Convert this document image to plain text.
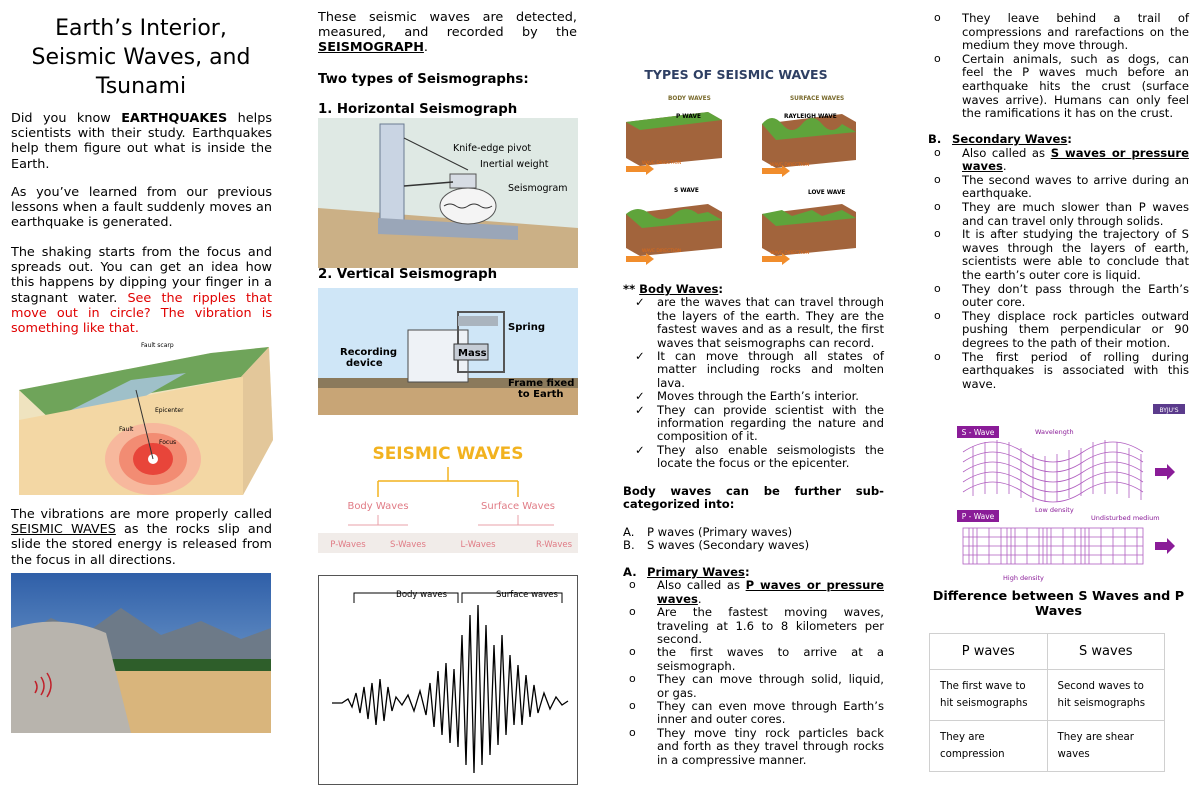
Earth’s Interior, Seismic Waves, and Tsunami

Did you know EARTHQUAKES helps scientists with their study. Earthquakes help them figure out what is inside the Earth.

As you’ve learned from our previous lessons when a fault suddenly moves an earthquake is generated.

The shaking starts from the focus and spreads out. You can get an idea how this happens by dipping your finger in a stagnant water. See the ripples that move out in circle? The vibration is something like that.

Fault scarp
Epicenter
Fault
Focus

The vibrations are more properly called SEISMIC WAVES as the rocks slip and slide the stored energy is released from the focus in all directions.

These seismic waves are detected, measured, and recorded by the SEISMOGRAPH.

Two types of Seismographs:
1. Horizontal Seismograph
Knife-edge pivot
Inertial weight
Seismogram
2. Vertical Seismograph
Spring
Mass
Recording
device
Frame fixed
to Earth
SEISMIC WAVES
Body Waves	Surface Waves
P-Waves	S-Waves	L-Waves	R-Waves
Body waves	Surface waves
TYPES OF SEISMIC WAVES
BODY WAVES	SURFACE WAVES
P WAVE	RAYLEIGH WAVE
WAVE DIRECTION	WAVE DIRECTION
S WAVE	LOVE WAVE
WAVE DIRECTION	WAVE DIRECTION
** Body Waves:
✓ are the waves that can travel through the layers of the earth. They are the fastest waves and as a result, the first waves that seismographs can record.
✓ It can move through all states of matter including rocks and molten lava.
✓ Moves through the Earth’s interior.
✓ They can provide scientist with the information regarding the nature and composition of it.
✓ They also enable seismologists the locate the focus or the epicenter.
Body waves can be further sub-categorized into:
A. P waves (Primary waves)
B. S waves (Secondary waves)
A. Primary Waves:
o Also called as P waves or pressure waves.
o Are the fastest moving waves, traveling at 1.6 to 8 kilometers per second.
o the first waves to arrive at a seismograph.
o They can move through solid, liquid, or gas.
o They can even move through Earth’s inner and outer cores.
o They move tiny rock particles back and forth as they travel through rocks in a compressive manner.
o They leave behind a trail of compressions and rarefactions on the medium they move through.
o Certain animals, such as dogs, can feel the P waves much before an earthquake hits the crust (surface waves arrive). Humans can only feel the ramifications it has on the crust.
B. Secondary Waves:
o Also called as S waves or pressure waves.
o The second waves to arrive during an earthquake.
o They are much slower than P waves and can travel only through solids.
o It is after studying the trajectory of S waves through the layers of earth, scientists were able to conclude that the earth’s outer core is liquid.
o They don’t pass through the Earth’s outer core.
o They displace rock particles outward pushing them perpendicular or 90 degrees to the path of their motion.
o The first period of rolling during earthquakes is associated with this wave.
BYJU'S
S - Wave	Wavelength
P - Wave
Low density
Undisturbed medium
High density
Difference between S Waves and P Waves
P waves	S waves
The first wave to hit seismographs	Second waves to hit seismographs
They are compression	They are shear waves
